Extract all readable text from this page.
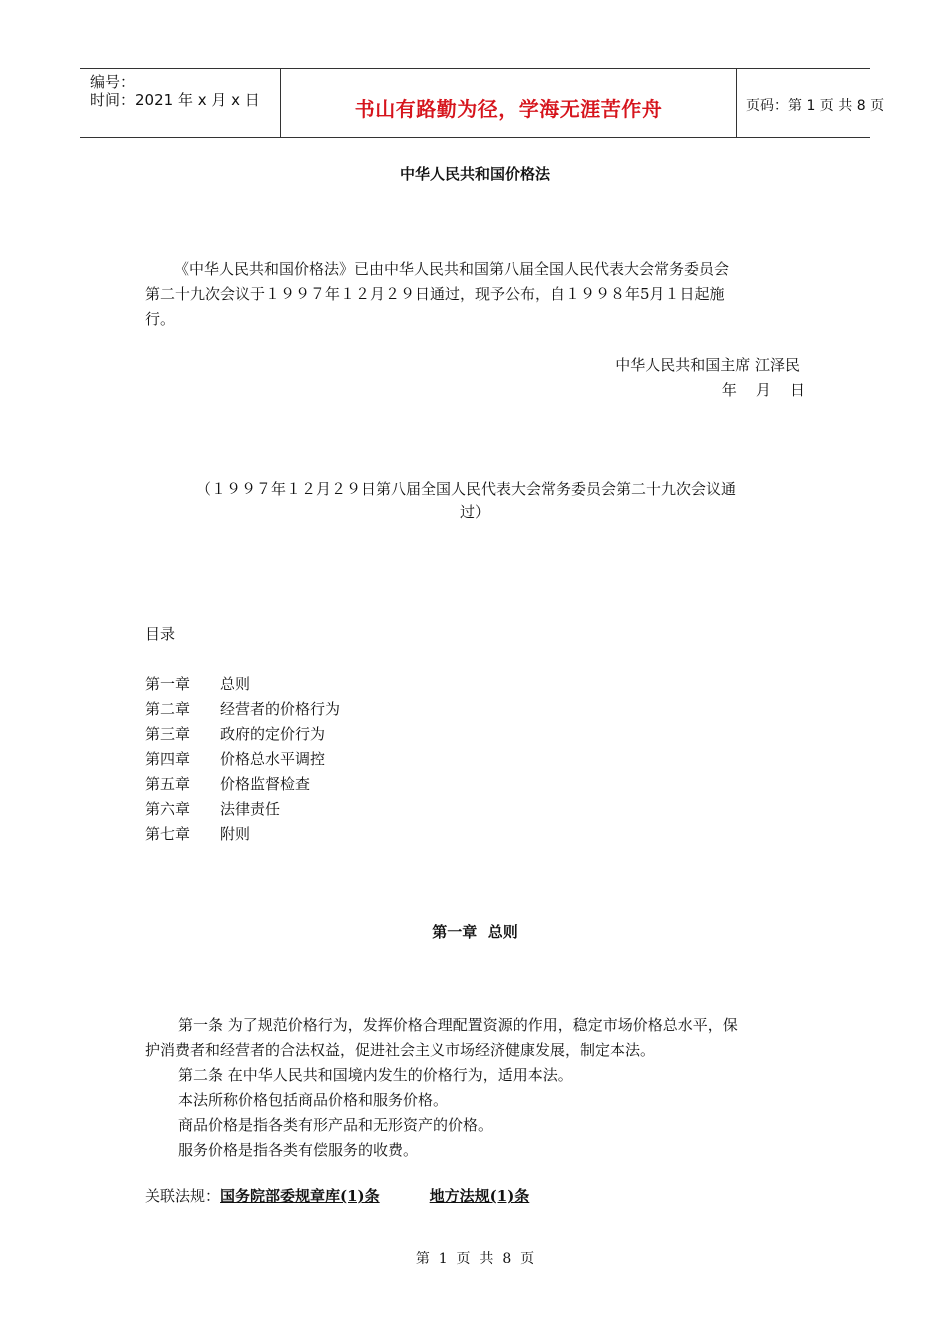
编号：
时间：2021 年 x 月 x 日	书山有路勤为径，学海无涯苦作舟	页码：第 1 页 共 8 页
中华人民共和国价格法
《中华人民共和国价格法》已由中华人民共和国第八届全国人民代表大会常务委员会
第二十九次会议于１９９７年１２月２９日通过，现予公布，自１９９８年5月１日起施
行。
中华人民共和国主席 江泽民
年    月    日
（１９９７年１２月２９日第八届全国人民代表大会常务委员会第二十九次会议通
过）
目录
第一章 总则
第二章 经营者的价格行为
第三章 政府的定价行为
第四章 价格总水平调控
第五章 价格监督检查
第六章 法律责任
第七章 附则
第一章  总则
第一条 为了规范价格行为，发挥价格合理配置资源的作用，稳定市场价格总水平，保
护消费者和经营者的合法权益，促进社会主义市场经济健康发展，制定本法。
第二条 在中华人民共和国境内发生的价格行为，适用本法。
本法所称价格包括商品价格和服务价格。
商品价格是指各类有形产品和无形资产的价格。
服务价格是指各类有偿服务的收费。
关联法规：国务院部委规章库(1)条	地方法规(1)条
第  1  页  共  8  页
